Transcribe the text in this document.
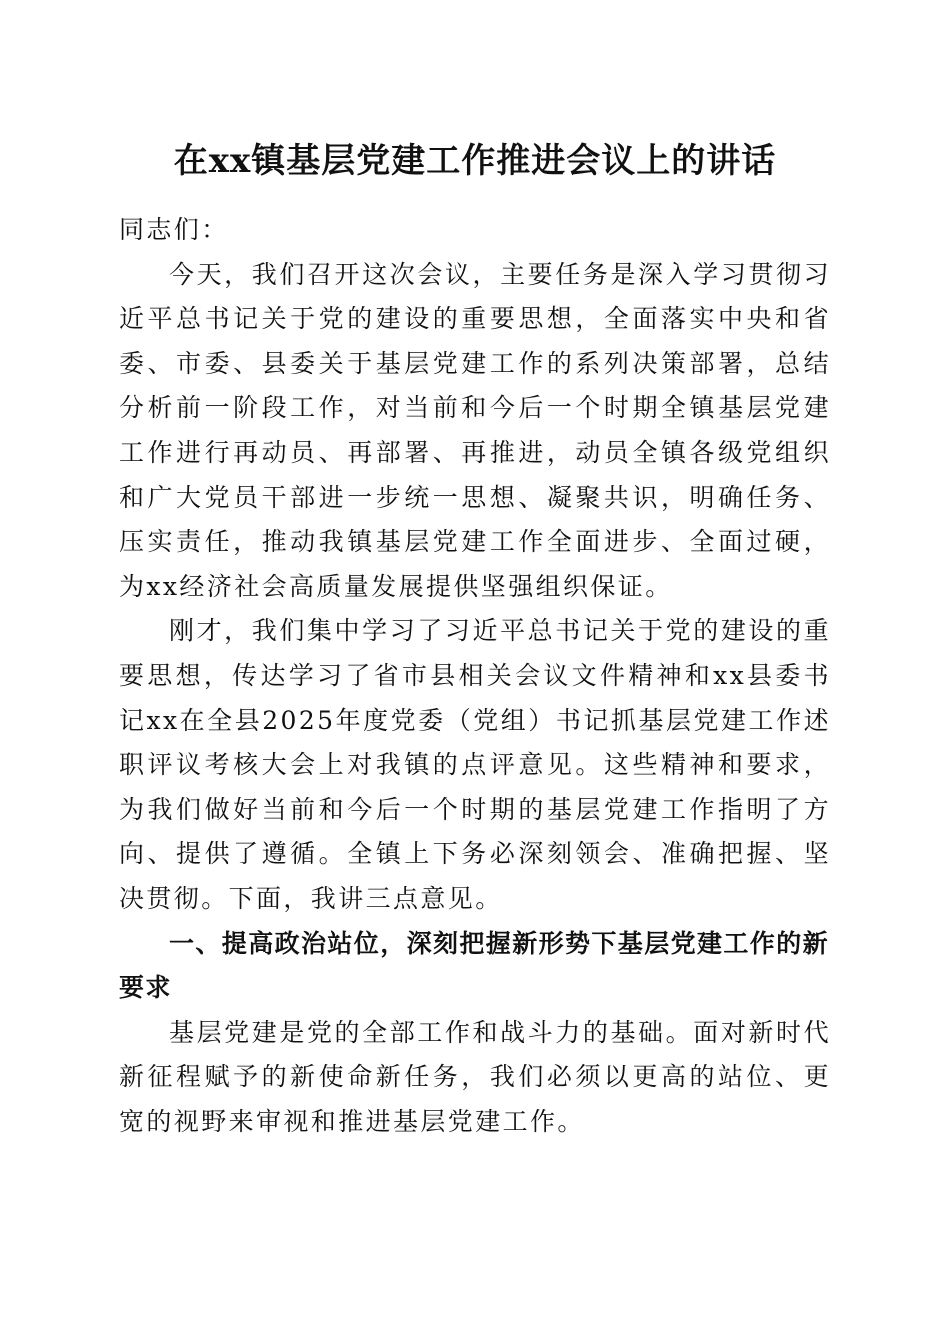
在xx镇基层党建工作推进会议上的讲话

同志们：

今天，我们召开这次会议，主要任务是深入学习贯彻习近平总书记关于党的建设的重要思想，全面落实中央和省委、市委、县委关于基层党建工作的系列决策部署，总结分析前一阶段工作，对当前和今后一个时期全镇基层党建工作进行再动员、再部署、再推进，动员全镇各级党组织和广大党员干部进一步统一思想、凝聚共识，明确任务、压实责任，推动我镇基层党建工作全面进步、全面过硬，为xx经济社会高质量发展提供坚强组织保证。

刚才，我们集中学习了习近平总书记关于党的建设的重要思想，传达学习了省市县相关会议文件精神和xx县委书记xx在全县2025年度党委（党组）书记抓基层党建工作述职评议考核大会上对我镇的点评意见。这些精神和要求，为我们做好当前和今后一个时期的基层党建工作指明了方向、提供了遵循。全镇上下务必深刻领会、准确把握、坚决贯彻。下面，我讲三点意见。

一、提高政治站位，深刻把握新形势下基层党建工作的新要求

基层党建是党的全部工作和战斗力的基础。面对新时代新征程赋予的新使命新任务，我们必须以更高的站位、更宽的视野来审视和推进基层党建工作。
